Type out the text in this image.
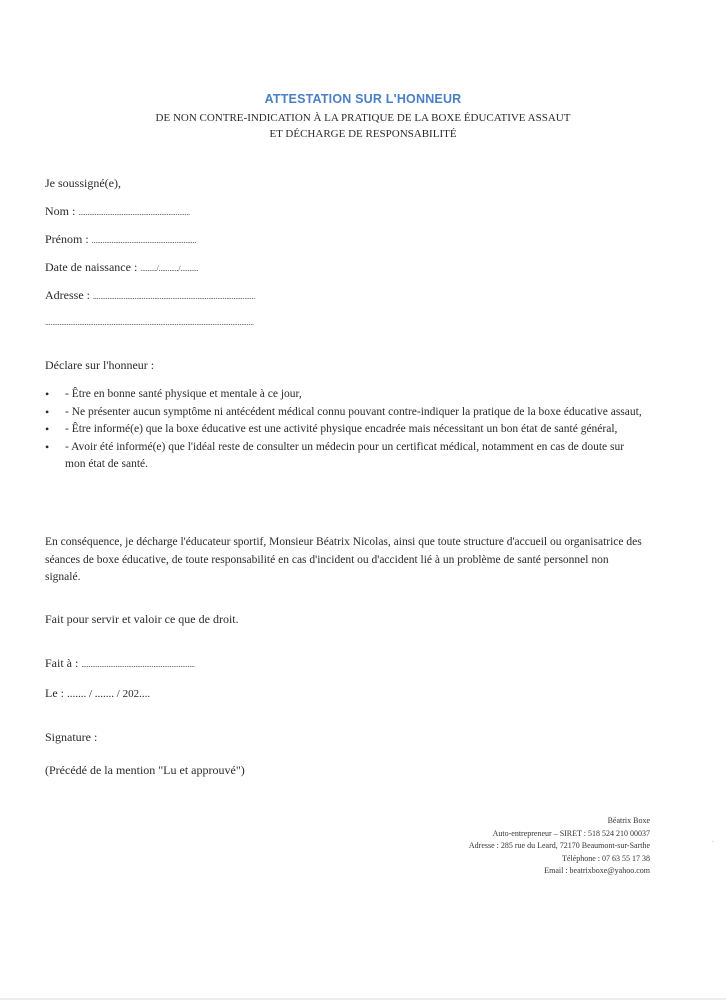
ATTESTATION SUR L'HONNEUR
DE NON CONTRE-INDICATION À LA PRATIQUE DE LA BOXE ÉDUCATIVE ASSAUT
ET DÉCHARGE DE RESPONSABILITÉ
Je soussigné(e),
Nom : ..............................................................
Prénom : ..........................................................
Date de naissance : ........./.........../..........
Adresse : ..........................................................................................
....................................................................................................................
Déclare sur l'honneur :
• - Être en bonne santé physique et mentale à ce jour,
• - Ne présenter aucun symptôme ni antécédent médical connu pouvant contre-indiquer la pratique de la boxe éducative assaut,
• - Être informé(e) que la boxe éducative est une activité physique encadrée mais nécessitant un bon état de santé général,
• - Avoir été informé(e) que l'idéal reste de consulter un médecin pour un certificat médical, notamment en cas de doute sur mon état de santé.
En conséquence, je décharge l'éducateur sportif, Monsieur Béatrix Nicolas, ainsi que toute structure d'accueil ou organisatrice des séances de boxe éducative, de toute responsabilité en cas d'incident ou d'accident lié à un problème de santé personnel non signalé.
Fait pour servir et valoir ce que de droit.
Fait à : ...............................................................
Le : ....... / ....... / 202....
Signature :
(Précédé de la mention "Lu et approuvé")
Béatrix Boxe
Auto-entrepreneur – SIRET : 518 524 210 00037
Adresse : 285 rue du Leard, 72170 Beaumont-sur-Sarthe
Téléphone : 07 63 55 17 38
Email : beatrixboxe@yahoo.com
·
